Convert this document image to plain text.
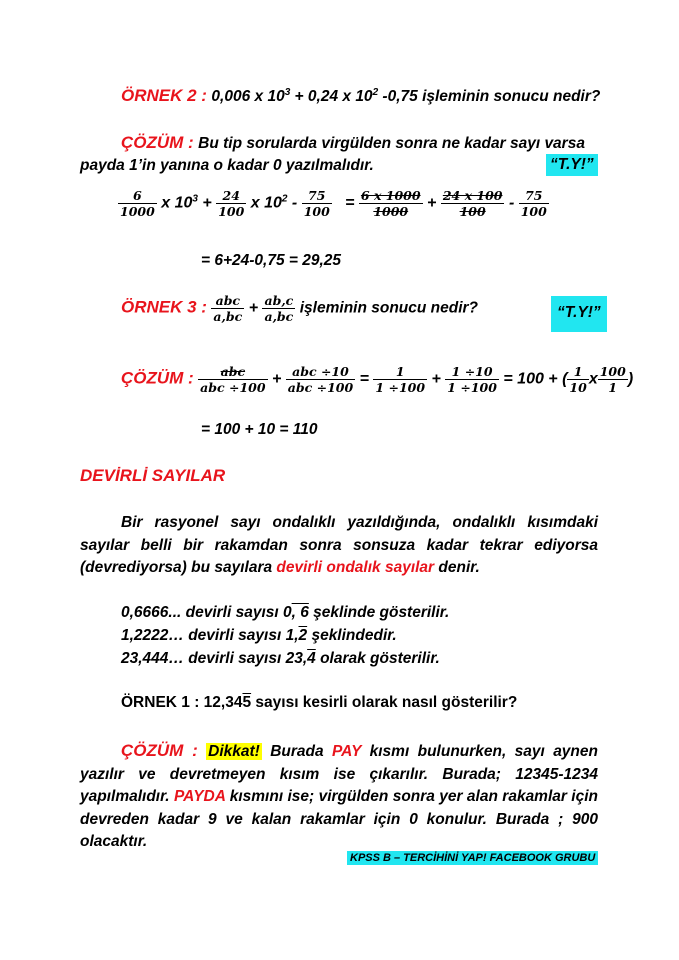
ÖRNEK 2 : 0,006 x $10^3 + 0,24$ x $10^2$ -0,75 işleminin sonucu nedir?
ÇÖZÜM : Bu tip sorularda virgülden sonra ne kadar sayı varsa
payda 1’in yanına o kadar 0 yazılmalıdır.	“T.Y!”
$\frac{6}{1000}$ x $10^3 + \frac{24}{100}$ x $10^2 - \frac{75}{100} = \frac{6 x 1000}{1000} + \frac{24 x 100}{100} - \frac{75}{100}$
= 6+24-0,75 = 29,25
ÖRNEK 3 : $\frac{\text{abc}}{a,bc} + \frac{ab,c}{a,bc}$ işleminin sonucu nedir?	“T.Y!”
ÇÖZÜM : $\frac{\text{abc}}{\text{abc ÷100}} + \frac{\text{abc ÷10}}{\text{abc ÷100}} = \frac{1}{1 \div 100} + \frac{1 \div 10}{1 \div 100} = 100$ + ( $\frac{1}{10}$ x $\frac{100}{1}$ )
= 100 + 10 = 110
DEVİRLİ SAYILAR
Bir rasyonel sayı ondalıklı yazıldığında, ondalıklı kısımdaki sayılar belli bir rakamdan sonra sonsuza kadar tekrar ediyorsa (devrediyorsa) bu sayılara devirli ondalık sayılar denir.
0,6666... devirli sayısı 0, 6 şeklinde gösterilir.
1,2222… devirli sayısı 1,2 şeklindedir.
23,444… devirli sayısı 23,4 olarak gösterilir.
ÖRNEK 1 : 12,345 sayısı kesirli olarak nasıl gösterilir?
ÇÖZÜM : Dikkat! Burada PAY kısmı bulunurken, sayı aynen yazılır ve devretmeyen kısım ise çıkarılır. Burada; 12345-1234 yapılmalıdır. PAYDA kısmını ise; virgülden sonra yer alan rakamlar için devreden kadar 9 ve kalan rakamlar için 0 konulur. Burada ; 900 olacaktır.
KPSS B – TERCİHİNİ YAP! FACEBOOK GRUBU
